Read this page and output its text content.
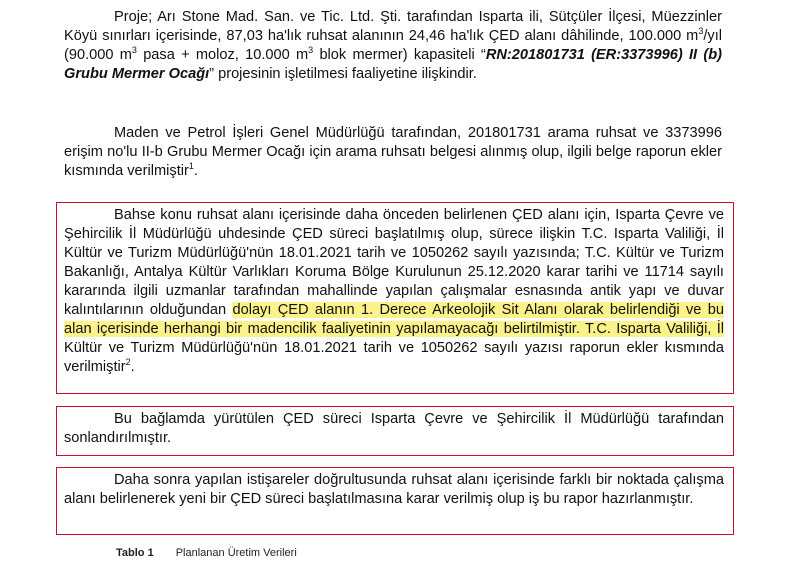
Proje; Arı Stone Mad. San. ve Tic. Ltd. Şti. tarafından Isparta ili, Sütçüler İlçesi, Müezzinler Köyü sınırları içerisinde, 87,03 ha'lık ruhsat alanının 24,46 ha'lık ÇED alanı dâhilinde, 100.000 $m^3$/yıl (90.000 $m^3$ pasa + moloz, 10.000 $m^3$ blok mermer) kapasiteli “RN:201801731 (ER:3373996) II (b) Grubu Mermer Ocağı” projesinin işletilmesi faaliyetine ilişkindir.
Maden ve Petrol İşleri Genel Müdürlüğü tarafından, 201801731 arama ruhsat ve 3373996 erişim no'lu II-b Grubu Mermer Ocağı için arama ruhsatı belgesi alınmış olup, ilgili belge raporun ekler kısmında verilmiştir$^1$.
Bahse konu ruhsat alanı içerisinde daha önceden belirlenen ÇED alanı için, Isparta Çevre ve Şehircilik İl Müdürlüğü uhdesinde ÇED süreci başlatılmış olup, sürece ilişkin T.C. Isparta Valiliği, İl Kültür ve Turizm Müdürlüğü'nün 18.01.2021 tarih ve 1050262 sayılı yazısında; T.C. Kültür ve Turizm Bakanlığı, Antalya Kültür Varlıkları Koruma Bölge Kurulunun 25.12.2020 karar tarihi ve 11714 sayılı kararında ilgili uzmanlar tarafından mahallinde yapılan çalışmalar esnasında antik yapı ve duvar kalıntılarının olduğundan dolayı ÇED alanın 1. Derece Arkeolojik Sit Alanı olarak belirlendiği ve bu alan içerisinde herhangi bir madencilik faaliyetinin yapılamayacağı belirtilmiştir. T.C. Isparta Valiliği, İl Kültür ve Turizm Müdürlüğü'nün 18.01.2021 tarih ve 1050262 sayılı yazısı raporun ekler kısmında verilmiştir$^2$.
Bu bağlamda yürütülen ÇED süreci Isparta Çevre ve Şehircilik İl Müdürlüğü tarafından sonlandırılmıştır.
Daha sonra yapılan istişareler doğrultusunda ruhsat alanı içerisinde farklı bir noktada çalışma alanı belirlenerek yeni bir ÇED süreci başlatılmasına karar verilmiş olup iş bu rapor hazırlanmıştır.
Tablo 1 Planlanan Üretim Verileri
